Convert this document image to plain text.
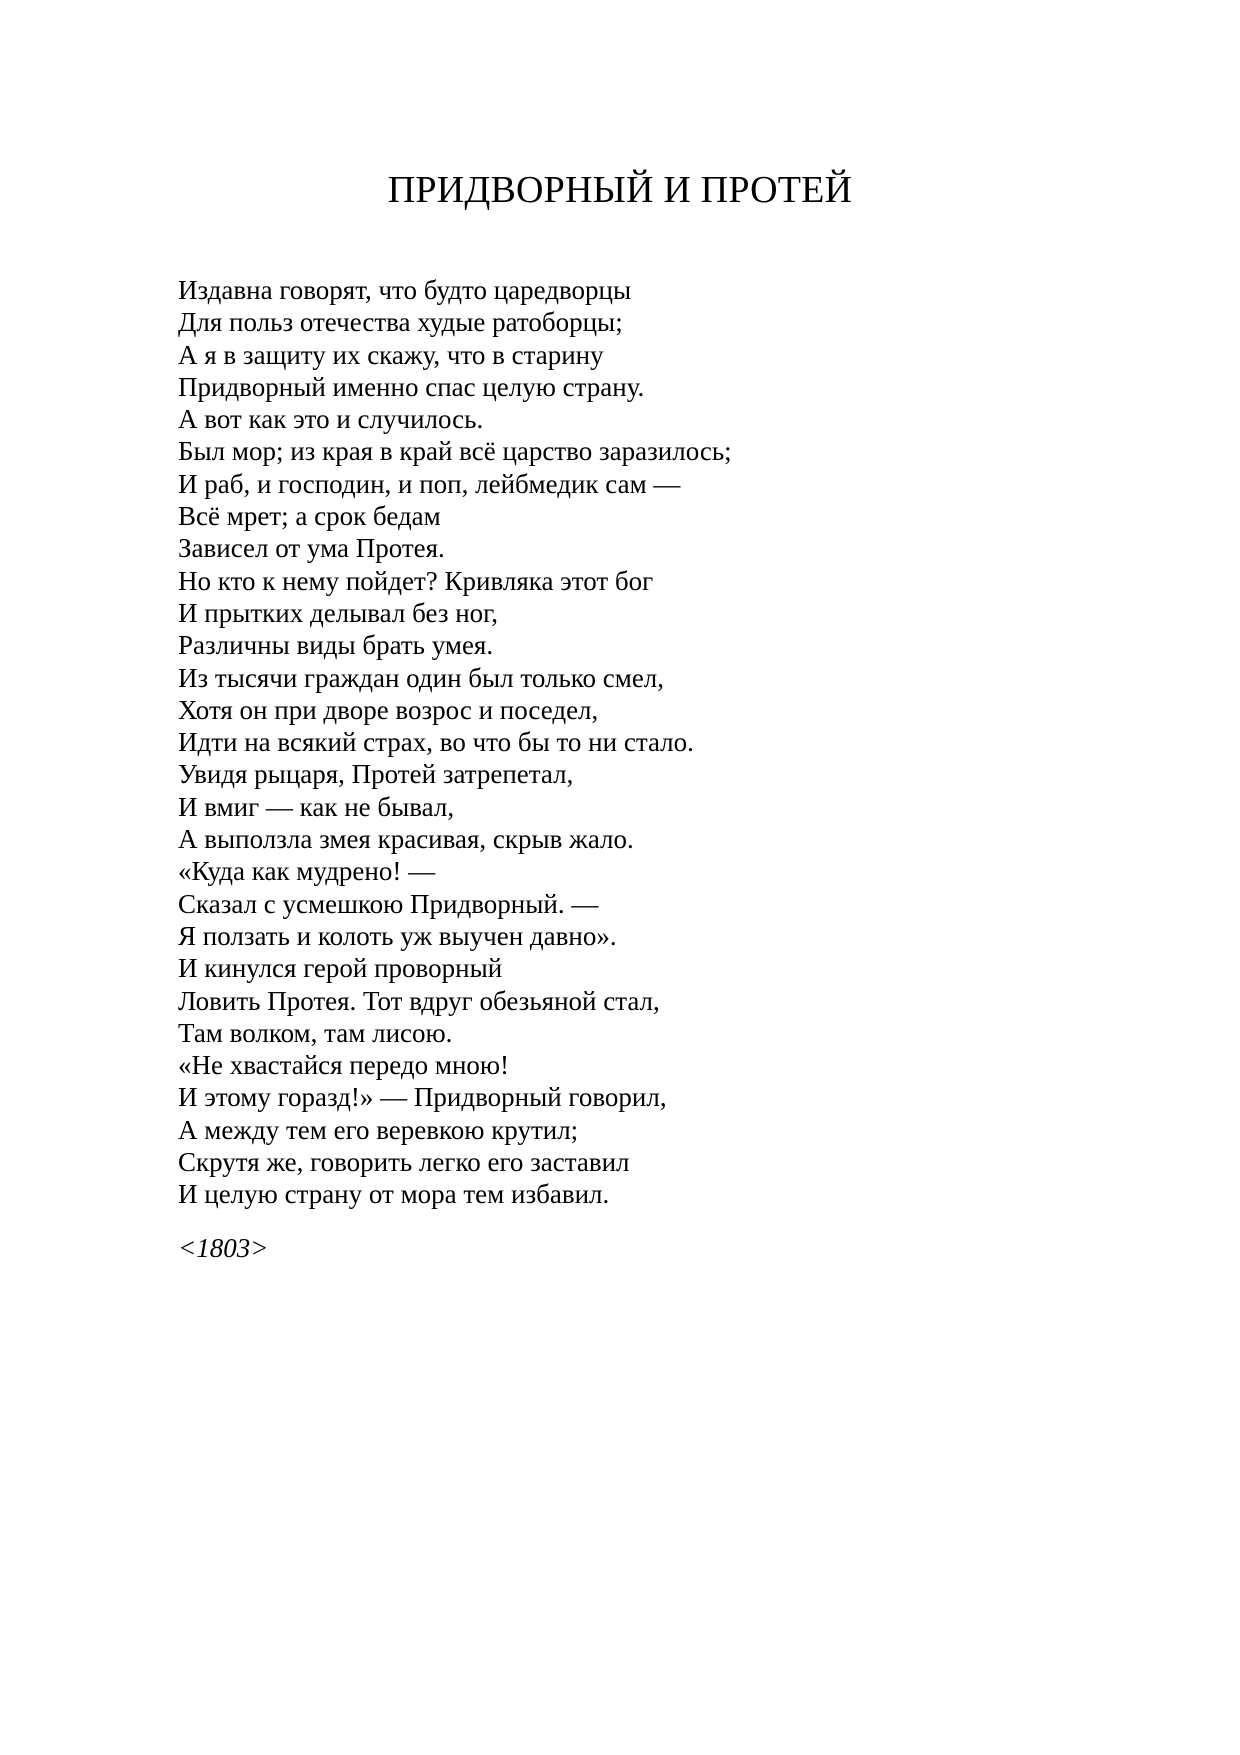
ПРИДВОРНЫЙ И ПРОТЕЙ
Издавна говорят, что будто царедворцы
Для польз отечества худые ратоборцы;
А я в защиту их скажу, что в старину
Придворный именно спас целую страну.
А вот как это и случилось.
Был мор; из края в край всё царство заразилось;
И раб, и господин, и поп, лейбмедик сам —
Всё мрет; а срок бедам
Зависел от ума Протея.
Но кто к нему пойдет? Кривляка этот бог
И прытких делывал без ног,
Различны виды брать умея.
Из тысячи граждан один был только смел,
Хотя он при дворе возрос и поседел,
Идти на всякий страх, во что бы то ни стало.
Увидя рыцаря, Протей затрепетал,
И вмиг — как не бывал,
А выползла змея красивая, скрыв жало.
«Куда как мудрено! —
Сказал с усмешкою Придворный. —
Я ползать и колоть уж выучен давно».
И кинулся герой проворный
Ловить Протея. Тот вдруг обезьяной стал,
Там волком, там лисою.
«Не хвастайся передо мною!
И этому горазд!» — Придворный говорил,
А между тем его веревкою крутил;
Скрутя же, говорить легко его заставил
И целую страну от мора тем избавил.
<1803>
